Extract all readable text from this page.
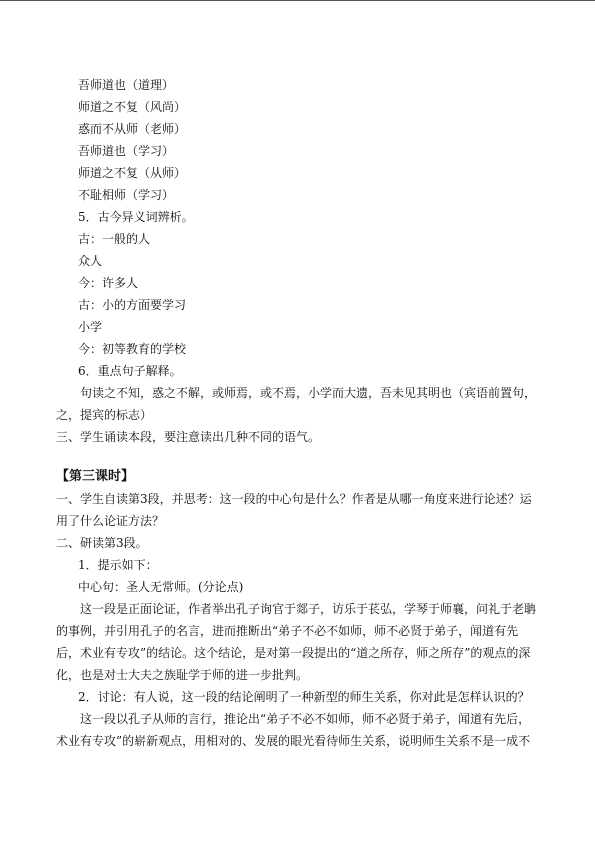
吾师道也（道理）

师道之不复（风尚）

惑而不从师（老师）

吾师道也（学习）

师道之不复（从师）

不耻相师（学习）

5．古今异义词辨析。

古：一般的人

众人

今：许多人

古：小的方面要学习

小学

今：初等教育的学校

6．重点句子解释。

句读之不知，惑之不解，或师焉，或不焉，小学而大遗，吾未见其明也（宾语前置句，之，提宾的标志）

三、学生诵读本段，要注意读出几种不同的语气。

【第三课时】

一、学生自读第3段，并思考：这一段的中心句是什么？作者是从哪一角度来进行论述？运用了什么论证方法？

二、研读第3段。

1．提示如下：

中心句：圣人无常师。(分论点)

这一段是正面论证，作者举出孔子询官于郯子，访乐于苌弘，学琴于师襄，问礼于老聃的事例，并引用孔子的名言，进而推断出“弟子不必不如师，师不必贤于弟子，闻道有先后，术业有专攻”的结论。这个结论，是对第一段提出的“道之所存，师之所存”的观点的深化，也是对士大夫之族耻学于师的进一步批判。

2．讨论：有人说，这一段的结论阐明了一种新型的师生关系，你对此是怎样认识的？

这一段以孔子从师的言行，推论出“弟子不必不如师，师不必贤于弟子，闻道有先后，术业有专攻”的崭新观点，用相对的、发展的眼光看待师生关系，说明师生关系不是一成不
